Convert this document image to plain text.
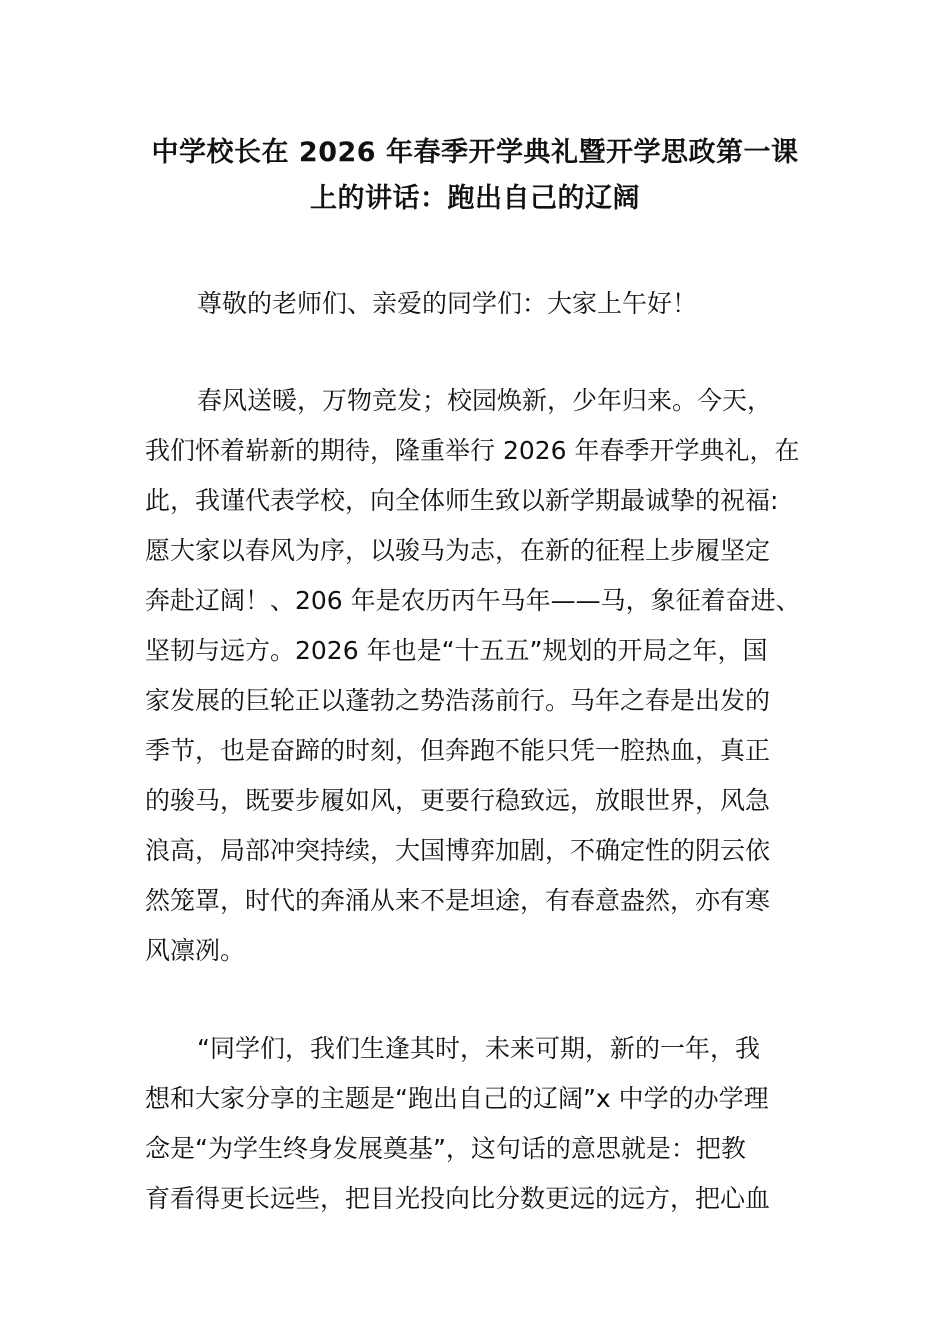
中学校长在 2026 年春季开学典礼暨开学思政第一课
上的讲话：跑出自己的辽阔
尊敬的老师们、亲爱的同学们：大家上午好！
春风送暖，万物竞发；校园焕新，少年归来。今天，
我们怀着崭新的期待，隆重举行 2026 年春季开学典礼，在
此，我谨代表学校，向全体师生致以新学期最诚挚的祝福:
愿大家以春风为序，以骏马为志，在新的征程上步履坚定
奔赴辽阔！、206 年是农历丙午马年——马，象征着奋进、
坚韧与远方。2026 年也是“十五五”规划的开局之年，国
家发展的巨轮正以蓬勃之势浩荡前行。马年之春是出发的
季节，也是奋蹄的时刻，但奔跑不能只凭一腔热血，真正
的骏马，既要步履如风，更要行稳致远，放眼世界，风急
浪高，局部冲突持续，大国博弈加剧，不确定性的阴云依
然笼罩，时代的奔涌从来不是坦途，有春意盎然，亦有寒
风凛冽。
“同学们，我们生逢其时，未来可期，新的一年，我
想和大家分享的主题是“跑出自己的辽阔”x 中学的办学理
念是“为学生终身发展奠基”，这句话的意思就是：把教
育看得更长远些，把目光投向比分数更远的远方，把心血
